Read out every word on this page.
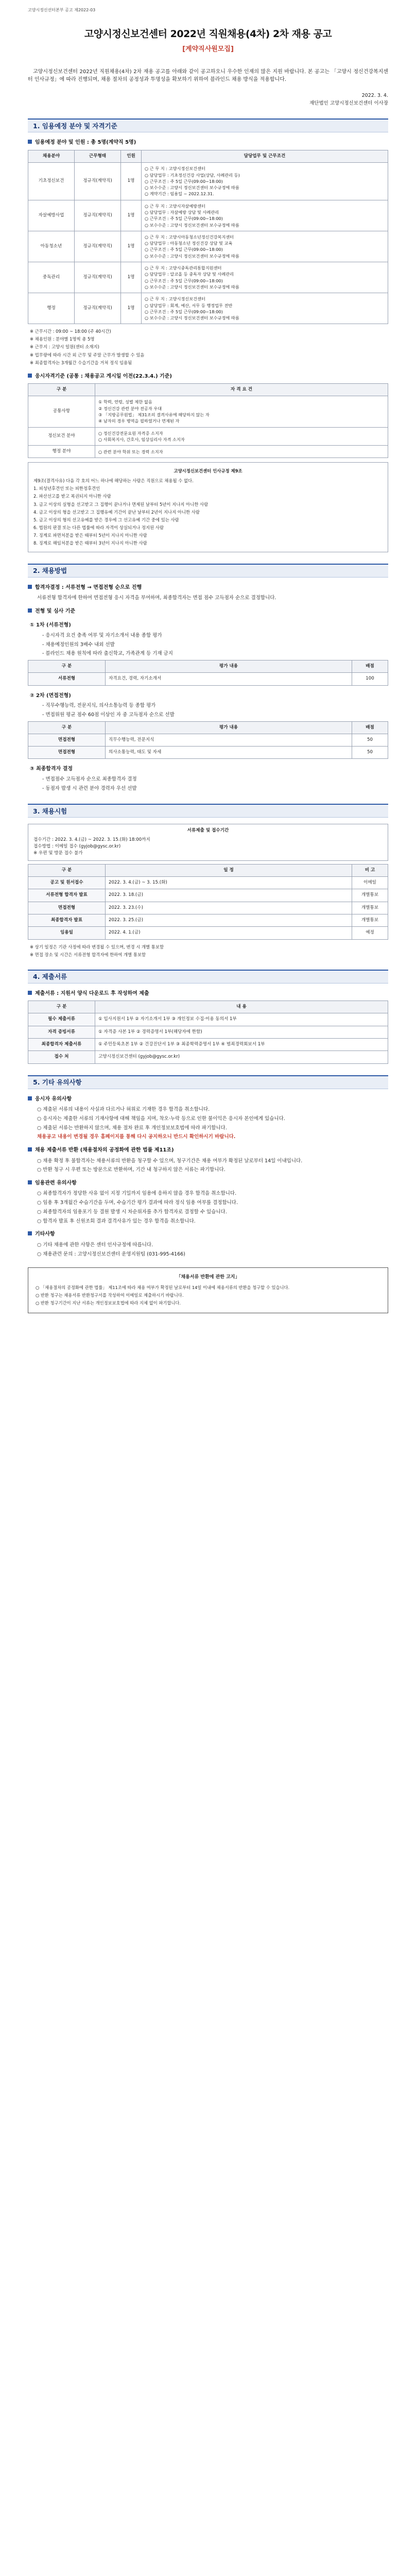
고양시정신선터본부 공고 제2022-03
고양시정신보건센터 2022년 직원채용(4차) 2차 재용 공고
[계약직사원모집]

고양시정신보건센터 2022년 직원채용(4차) 2차 재용 공고를 아래와 같이 공고하오니 우수한 인재의 많은 지원 바랍니다. 본 공고는 「고양시 정신건강복지센터 인사규정」에 따라 진행되며, 채용 절차의 공정성과 투명성을 확보하기 위하여 블라인드 채용 방식을 적용합니다.

2022. 3. 4.
재단법인 고양시정신보건센터 이사장
1. 임용예정 분야 및 자격기준
임용예정 분야 및 인원 : 총 5명(계약직 5명)
채용분야	근무형태	인원	담당업무 및 근무조건
기초정신보건	정규직(계약직)	1명	○ 근 무 지 : 고양시정신보건센터
○ 담당업무 : 기초정신건강 사업(상담, 사례관리 등)
○ 근무조건 : 주 5일 근무(09:00~18:00)
○ 보수수준 : 고양시 정신보건센터 보수규정에 따름
○ 계약기간 : 임용일 ~ 2022.12.31.

자살예방사업	정규직(계약직)	1명	○ 근 무 지 : 고양시자살예방센터
○ 담당업무 : 자살예방 상담 및 사례관리
○ 근무조건 : 주 5일 근무(09:00~18:00)
○ 보수수준 : 고양시 정신보건센터 보수규정에 따름

아동청소년	정규직(계약직)	1명	○ 근 무 지 : 고양시아동청소년정신건강복지센터
○ 담당업무 : 아동청소년 정신건강 상담 및 교육
○ 근무조건 : 주 5일 근무(09:00~18:00)
○ 보수수준 : 고양시 정신보건센터 보수규정에 따름

중독관리	정규직(계약직)	1명	○ 근 무 지 : 고양시중독관리통합지원센터
○ 담당업무 : 알코올 등 중독자 상담 및 사례관리
○ 근무조건 : 주 5일 근무(09:00~18:00)
○ 보수수준 : 고양시 정신보건센터 보수규정에 따름

행정	정규직(계약직)	1명	○ 근 무 지 : 고양시정신보건센터
○ 담당업무 : 회계, 예산, 서무 등 행정업무 전반
○ 근무조건 : 주 5일 근무(09:00~18:00)
○ 보수수준 : 고양시 정신보건센터 보수규정에 따름
※ 근무시간 : 09:00 ~ 18:00 (주 40시간)
※ 채용인원 : 분야별 1명씩 총 5명
※ 근무지 : 고양시 일원(센터 소재지)
※ 업무량에 따라 시간 외 근무 및 주말 근무가 발생할 수 있음
※ 최종합격자는 3개월간 수습기간을 거쳐 정식 임용됨
응시자격기준 (공통 : 채용공고 게시일 이전(22.3.4.) 기준)
구 분	자 격 요 건
공통사항	① 학력, 연령, 성별 제한 없음
② 정신건강 관련 분야 전공자 우대
③ 「지방공무원법」 제31조의 결격사유에 해당하지 않는 자
④ 남자의 경우 병역을 필하였거나 면제된 자

정신보건 분야	○ 정신건강전문요원 자격증 소지자
○ 사회복지사, 간호사, 임상심리사 자격 소지자

행정 분야	○ 관련 분야 학위 또는 경력 소지자
고양시정신보건센터 인사규정 제9조
제9조(결격사유) 다음 각 호의 어느 하나에 해당하는 사람은 직원으로 채용될 수 없다.
1. 피성년후견인 또는 피한정후견인
2. 파산선고를 받고 복권되지 아니한 사람
3. 금고 이상의 실형을 선고받고 그 집행이 끝나거나 면제된 날부터 5년이 지나지 아니한 사람
4. 금고 이상의 형을 선고받고 그 집행유예 기간이 끝난 날부터 2년이 지나지 아니한 사람
5. 금고 이상의 형의 선고유예를 받은 경우에 그 선고유예 기간 중에 있는 사람
6. 법원의 판결 또는 다른 법률에 따라 자격이 상실되거나 정지된 사람
7. 징계로 파면처분을 받은 때부터 5년이 지나지 아니한 사람
8. 징계로 해임처분을 받은 때부터 3년이 지나지 아니한 사람
2. 채용방법
합격자결정 : 서류전형 → 면접전형 순으로 진행
서류전형 합격자에 한하여 면접전형 응시 자격을 부여하며, 최종합격자는 면접 점수 고득점자 순으로 결정합니다.
전형 및 심사 기준
① 1차 (서류전형)
- 응시자격 요건 충족 여부 및 자기소개서 내용 종합 평가
- 채용예정인원의 3배수 내외 선발
- 블라인드 채용 원칙에 따라 출신학교, 가족관계 등 기재 금지
구 분	평가 내용	배점
서류전형	자격요건, 경력, 자기소개서	100
② 2차 (면접전형)
- 직무수행능력, 전문지식, 의사소통능력 등 종합 평가
- 면접위원 평균 점수 60점 이상인 자 중 고득점자 순으로 선발
구 분	평가 내용	배점
면접전형	직무수행능력, 전문지식	50
면접전형	의사소통능력, 태도 및 자세	50
③ 최종합격자 결정
- 면접점수 고득점자 순으로 최종합격자 결정
- 동점자 발생 시 관련 분야 경력자 우선 선발
3. 채용시험
서류제출 및 접수기간
접수기간 : 2022. 3. 4.(금) ~ 2022. 3. 15.(화) 18:00까지
접수방법 : 이메일 접수 (gyjob@gysc.or.kr)
※ 우편 및 방문 접수 불가
구 분	일 정	비 고
공고 및 원서접수	2022. 3. 4.(금) ~ 3. 15.(화)	이메일
서류전형 합격자 발표	2022. 3. 18.(금)	개별통보
면접전형	2022. 3. 23.(수)	개별통보
최종합격자 발표	2022. 3. 25.(금)	개별통보
임용일	2022. 4. 1.(금)	예정
※ 상기 일정은 기관 사정에 따라 변경될 수 있으며, 변경 시 개별 통보함
※ 면접 장소 및 시간은 서류전형 합격자에 한하여 개별 통보함
4. 제출서류
제출서류 : 지원서 양식 다운로드 후 작성하여 제출
구 분	내 용
필수 제출서류	① 입사지원서 1부 ② 자기소개서 1부 ③ 개인정보 수집·이용 동의서 1부
자격 증빙서류	① 자격증 사본 1부 ② 경력증명서 1부(해당자에 한함)
최종합격자 제출서류	① 주민등록초본 1부 ② 건강진단서 1부 ③ 최종학력증명서 1부 ④ 범죄경력회보서 1부
접수 처	고양시정신보건센터 (gyjob@gysc.or.kr)
5. 기타 유의사항
응시자 유의사항
○ 제출된 서류의 내용이 사실과 다르거나 허위로 기재한 경우 합격을 취소합니다.
○ 응시자는 제출한 서류의 기재사항에 대해 책임을 지며, 착오·누락 등으로 인한 불이익은 응시자 본인에게 있습니다.
○ 제출된 서류는 반환하지 않으며, 채용 절차 완료 후 개인정보보호법에 따라 파기합니다.
채용공고 내용이 변경될 경우 홈페이지를 통해 다시 공지하오니 반드시 확인하시기 바랍니다.
채용 제출서류 반환 (채용절차의 공정화에 관한 법률 제11조)
○ 채용 확정 후 불합격자는 채용서류의 반환을 청구할 수 있으며, 청구기간은 채용 여부가 확정된 날로부터 14일 이내입니다.
○ 반환 청구 시 우편 또는 방문으로 반환하며, 기간 내 청구하지 않은 서류는 파기합니다.
임용관련 유의사항
○ 최종합격자가 정당한 사유 없이 지정 기일까지 임용에 응하지 않을 경우 합격을 취소합니다.
○ 임용 후 3개월간 수습기간을 두며, 수습기간 평가 결과에 따라 정식 임용 여부를 결정합니다.
○ 최종합격자의 임용포기 등 결원 발생 시 차순위자를 추가 합격자로 결정할 수 있습니다.
○ 합격자 발표 후 신원조회 결과 결격사유가 있는 경우 합격을 취소합니다.
기타사항
○ 기타 채용에 관한 사항은 센터 인사규정에 따릅니다.
○ 채용관련 문의 : 고양시정신보건센터 운영지원팀 (031-995-4166)
「채용서류 반환에 관한 고지」
○ 「채용절차의 공정화에 관한 법률」 제11조에 따라 채용 여부가 확정된 날로부터 14일 이내에 채용서류의 반환을 청구할 수 있습니다.
○ 반환 청구는 채용서류 반환청구서를 작성하여 이메일로 제출하시기 바랍니다.
○ 반환 청구기간이 지난 서류는 개인정보보호법에 따라 지체 없이 파기합니다.
